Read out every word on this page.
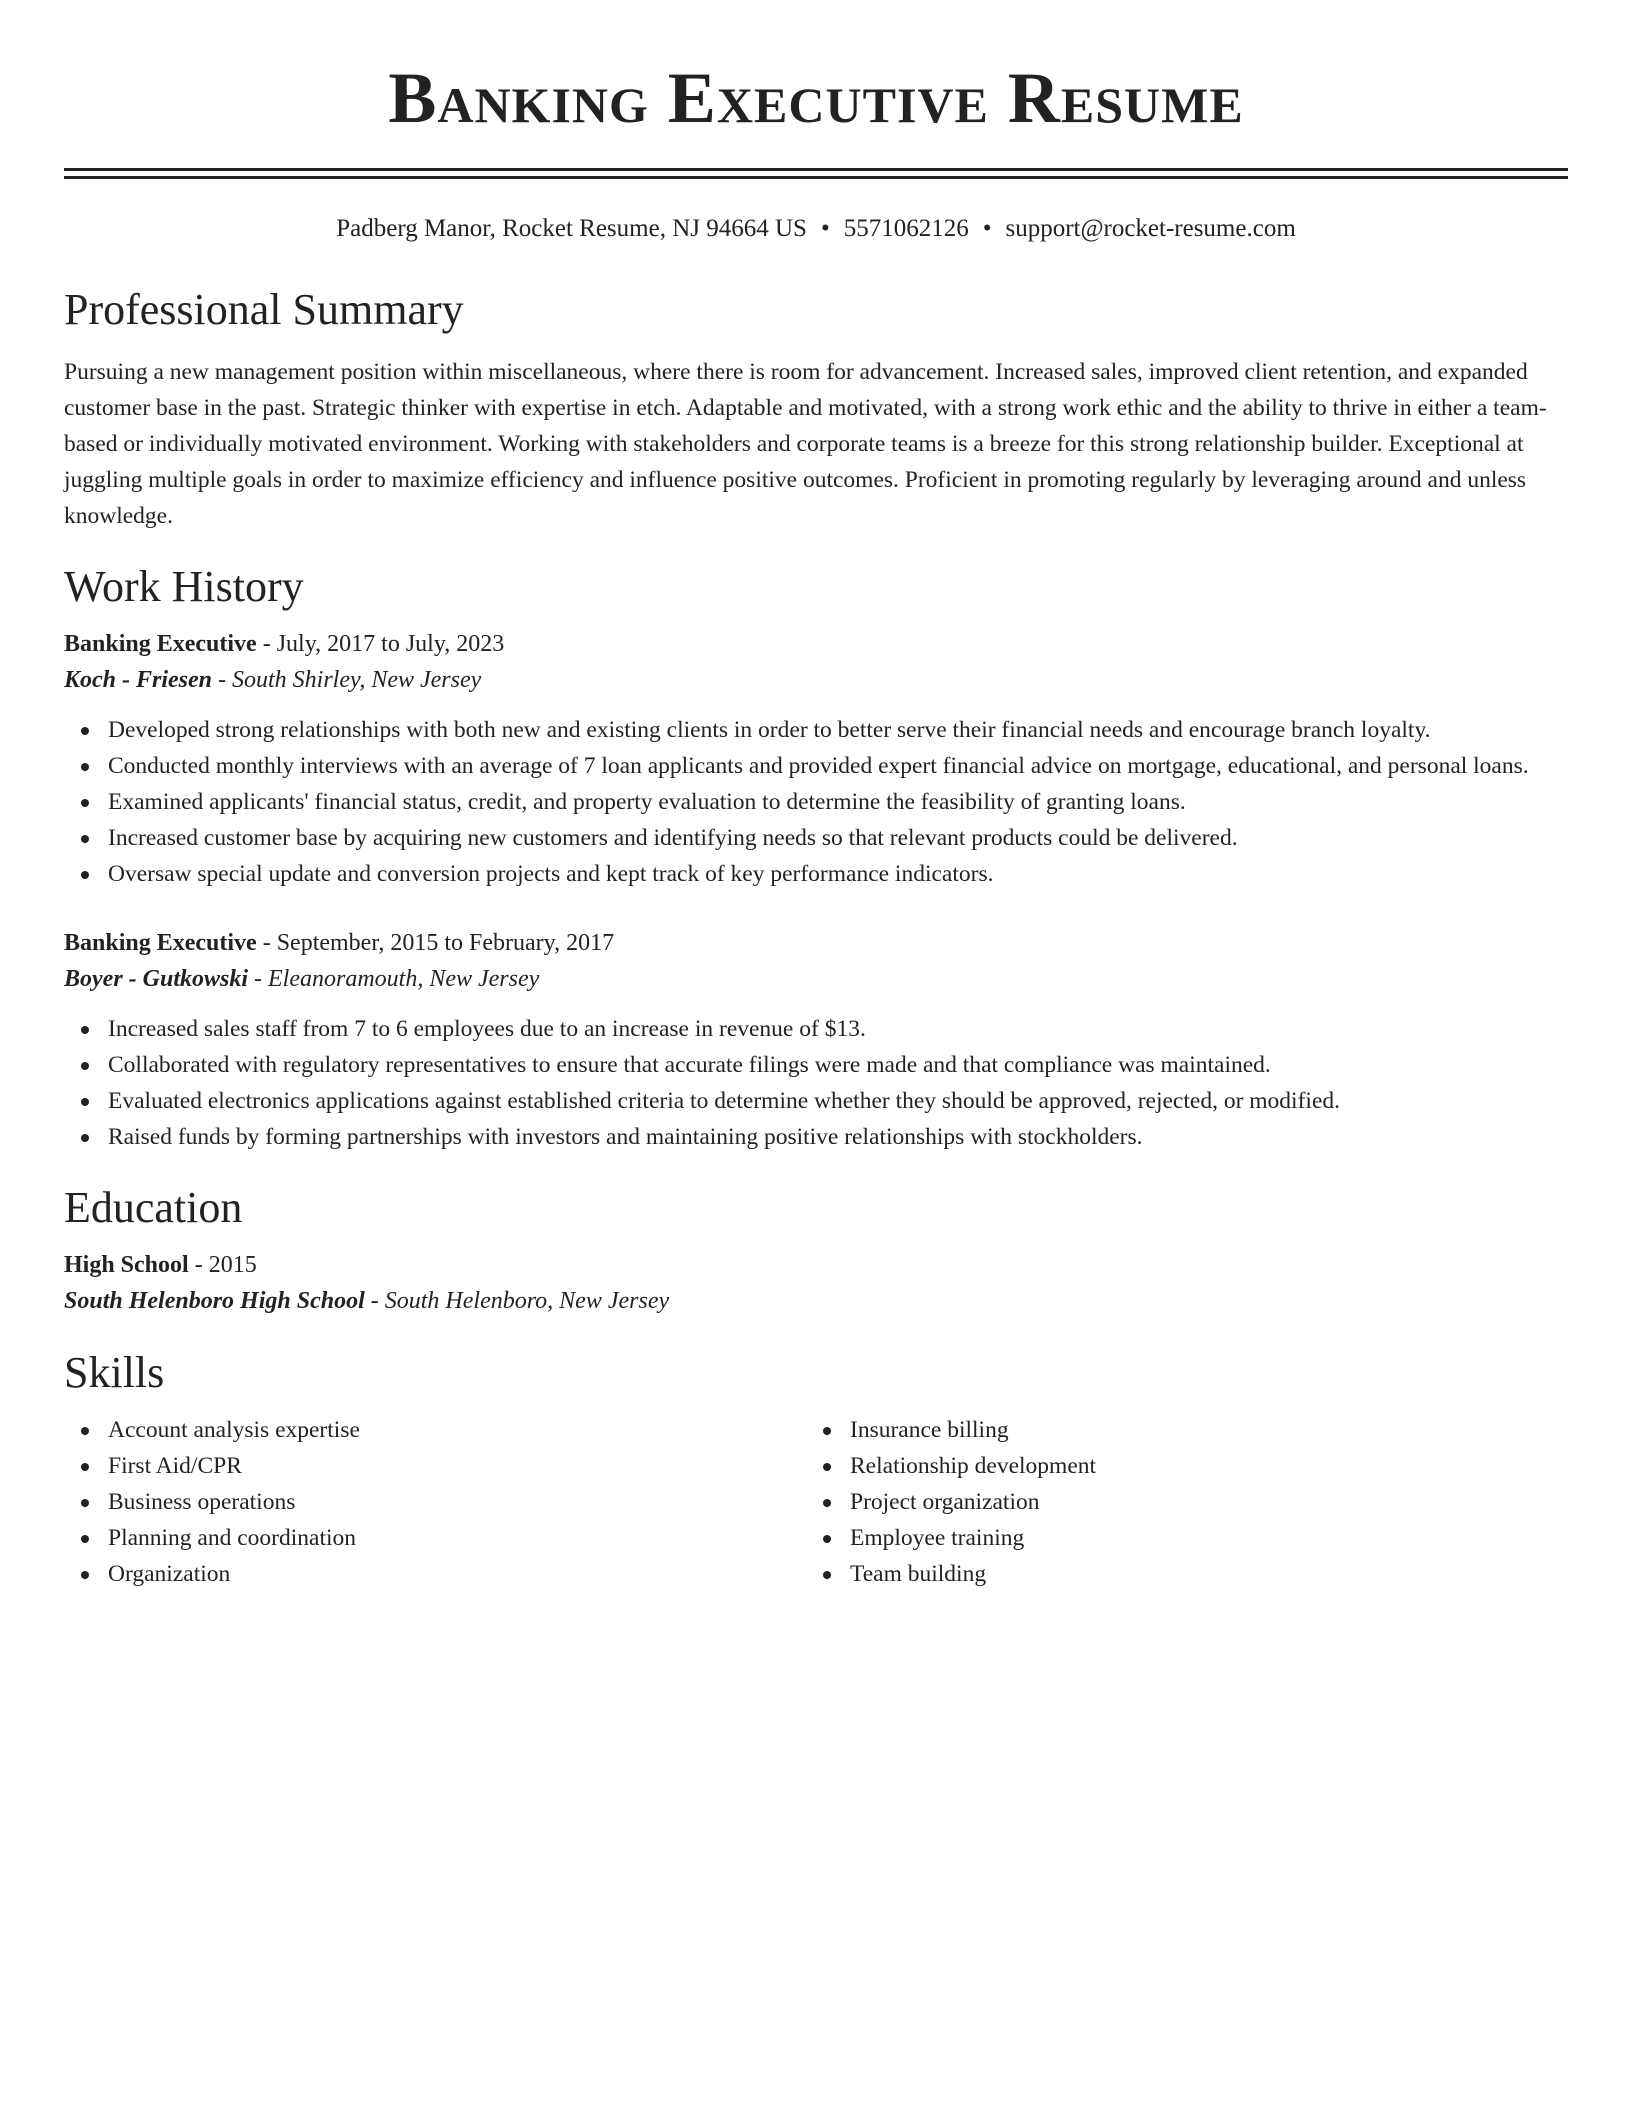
Banking Executive Resume
Padberg Manor, Rocket Resume, NJ 94664 US • 5571062126 • support@rocket-resume.com
Professional Summary

Pursuing a new management position within miscellaneous, where there is room for advancement. Increased sales, improved client retention, and expanded customer base in the past. Strategic thinker with expertise in etch. Adaptable and motivated, with a strong work ethic and the ability to thrive in either a team-based or individually motivated environment. Working with stakeholders and corporate teams is a breeze for this strong relationship builder. Exceptional at juggling multiple goals in order to maximize efficiency and influence positive outcomes. Proficient in promoting regularly by leveraging around and unless knowledge.

Work History
Banking Executive - July, 2017 to July, 2023
Koch - Friesen - South Shirley, New Jersey
Developed strong relationships with both new and existing clients in order to better serve their financial needs and encourage branch loyalty.
Conducted monthly interviews with an average of 7 loan applicants and provided expert financial advice on mortgage, educational, and personal loans.
Examined applicants' financial status, credit, and property evaluation to determine the feasibility of granting loans.
Increased customer base by acquiring new customers and identifying needs so that relevant products could be delivered.
Oversaw special update and conversion projects and kept track of key performance indicators.
Banking Executive - September, 2015 to February, 2017
Boyer - Gutkowski - Eleanoramouth, New Jersey
Increased sales staff from 7 to 6 employees due to an increase in revenue of $13.
Collaborated with regulatory representatives to ensure that accurate filings were made and that compliance was maintained.
Evaluated electronics applications against established criteria to determine whether they should be approved, rejected, or modified.
Raised funds by forming partnerships with investors and maintaining positive relationships with stockholders.
Education
High School - 2015
South Helenboro High School - South Helenboro, New Jersey
Skills
Account analysis expertise
First Aid/CPR
Business operations
Planning and coordination
Organization
Insurance billing
Relationship development
Project organization
Employee training
Team building
